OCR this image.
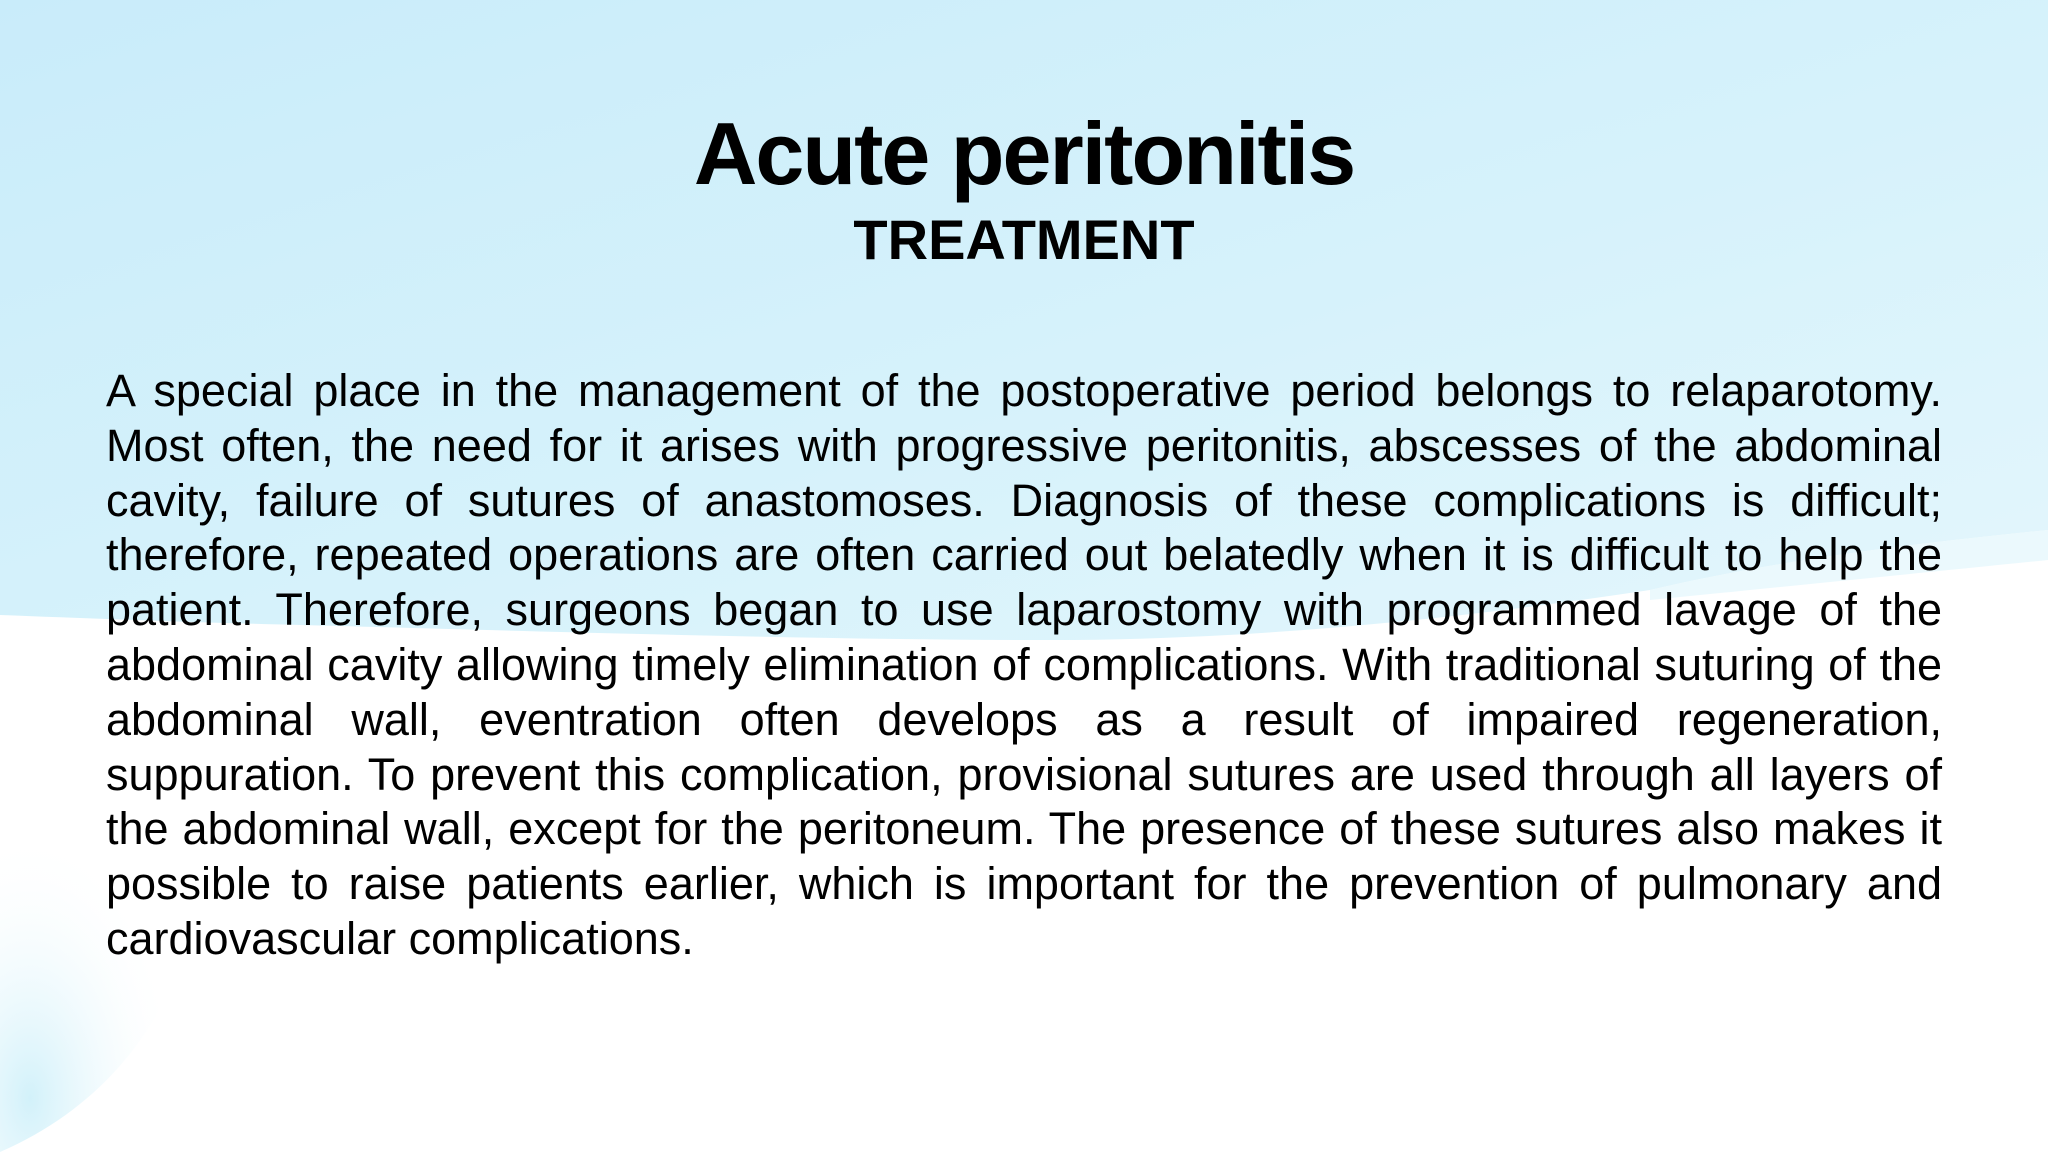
Acute peritonitis
TREATMENT

A special place in the management of the postoperative period belongs to relaparotomy. Most often, the need for it arises with progressive peritonitis, abscesses of the abdominal cavity, failure of sutures of anastomoses. Diagnosis of these complications is difficult; therefore, repeated operations are often carried out belatedly when it is difficult to help the patient. Therefore, surgeons began to use laparostomy with programmed lavage of the abdominal cavity allowing timely elimination of complications. With traditional suturing of the abdominal wall, eventration often develops as a result of impaired regeneration, suppuration. To prevent this complication, provisional sutures are used through all layers of the abdominal wall, except for the peritoneum. The presence of these sutures also makes it possible to raise patients earlier, which is important for the prevention of pulmonary and cardiovascular complications.
